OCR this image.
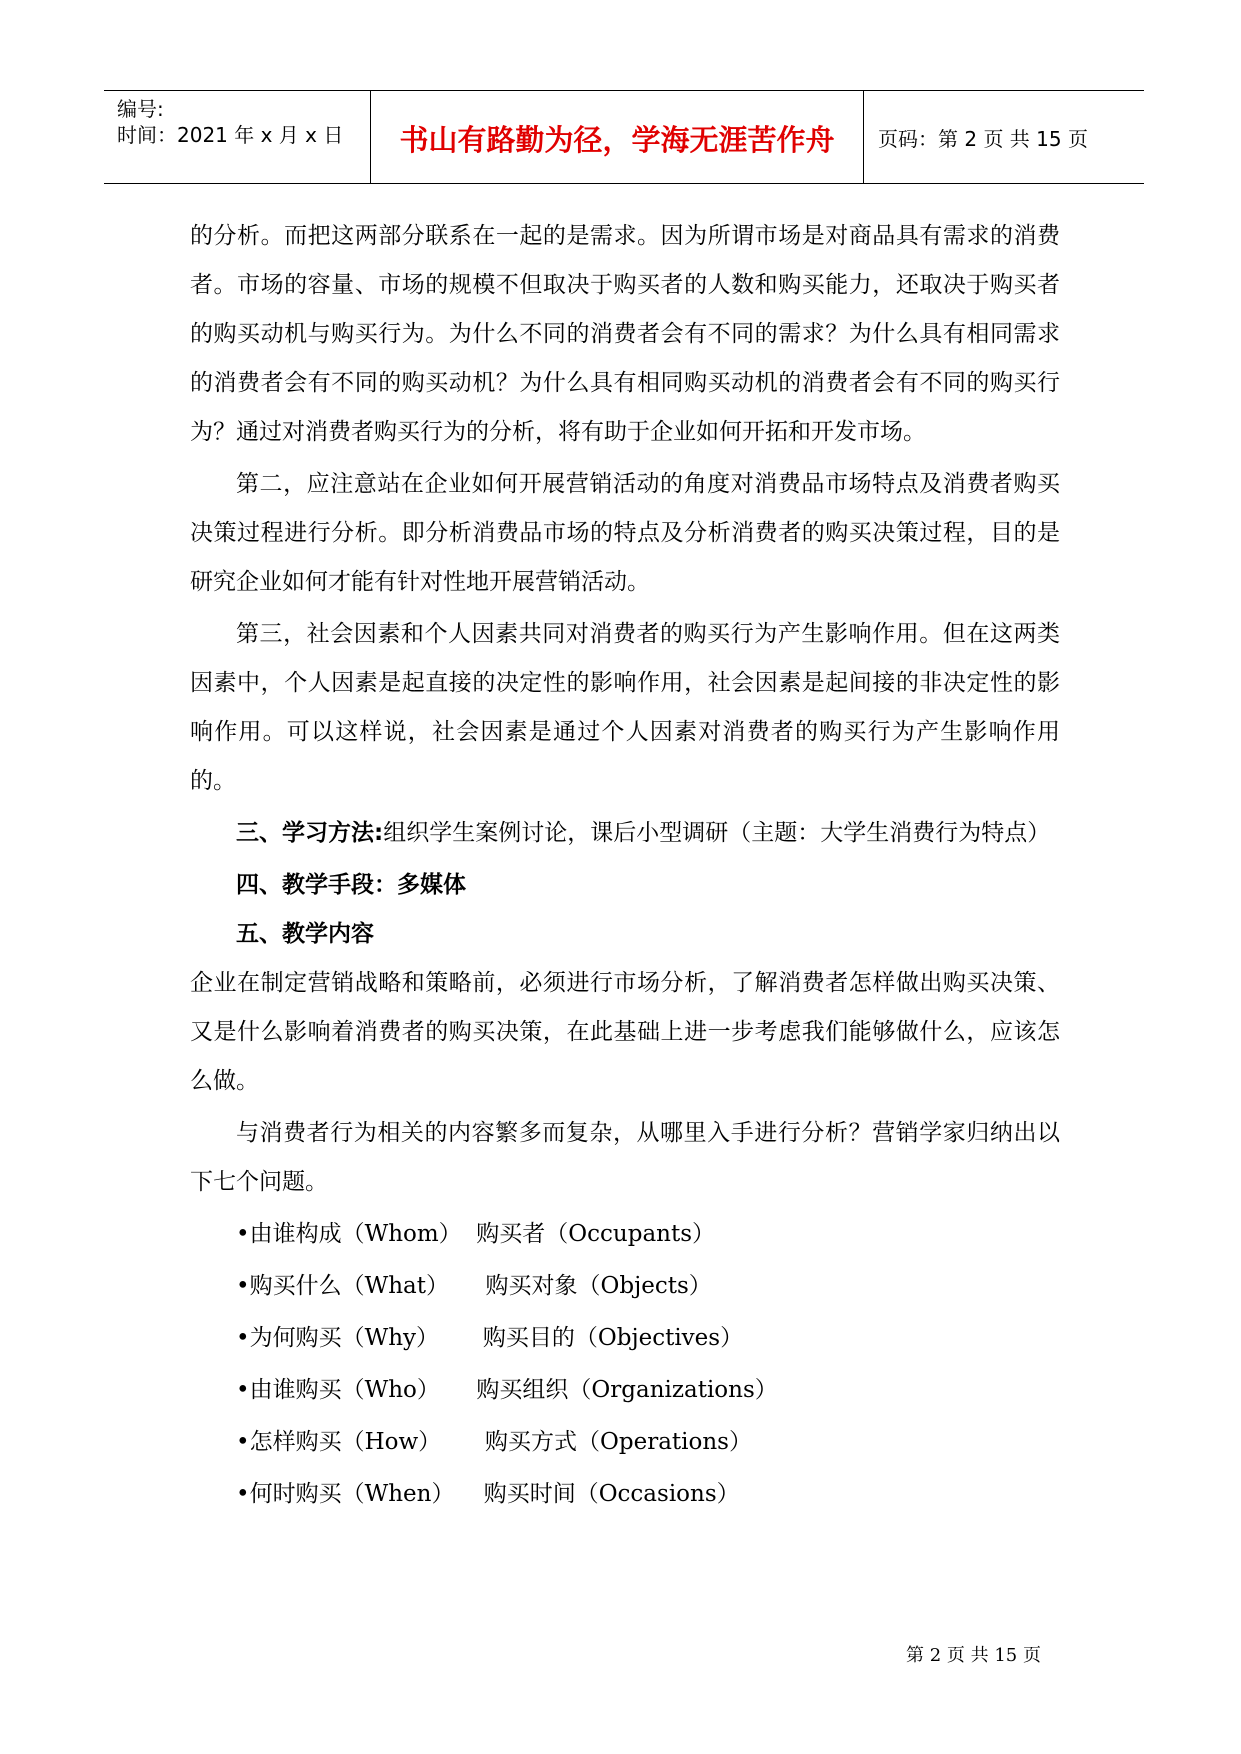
编号:
时间：2021 年 x 月 x 日	书山有路勤为径，学海无涯苦作舟	页码：第 2 页 共 15 页

的分析。而把这两部分联系在一起的是需求。因为所谓市场是对商品具有需求的消费者。市场的容量、市场的规模不但取决于购买者的人数和购买能力，还取决于购买者的购买动机与购买行为。为什么不同的消费者会有不同的需求？为什么具有相同需求的消费者会有不同的购买动机？为什么具有相同购买动机的消费者会有不同的购买行为？通过对消费者购买行为的分析，将有助于企业如何开拓和开发市场。

第二，应注意站在企业如何开展营销活动的角度对消费品市场特点及消费者购买决策过程进行分析。即分析消费品市场的特点及分析消费者的购买决策过程，目的是研究企业如何才能有针对性地开展营销活动。

第三，社会因素和个人因素共同对消费者的购买行为产生影响作用。但在这两类因素中，个人因素是起直接的决定性的影响作用，社会因素是起间接的非决定性的影响作用。可以这样说，社会因素是通过个人因素对消费者的购买行为产生影响作用的。

三、学习方法:组织学生案例讨论，课后小型调研（主题：大学生消费行为特点）

四、教学手段：多媒体

五、教学内容

企业在制定营销战略和策略前，必须进行市场分析，了解消费者怎样做出购买决策、又是什么影响着消费者的购买决策，在此基础上进一步考虑我们能够做什么，应该怎么做。

与消费者行为相关的内容繁多而复杂，从哪里入手进行分析？营销学家归纳出以下七个问题。

•由谁构成（Whom）  购买者（Occupants）

•购买什么（What）     购买对象（Objects）

•为何购买（Why）      购买目的（Objectives）

•由谁购买（Who）     购买组织（Organizations）

•怎样购买（How）      购买方式（Operations）

•何时购买（When）    购买时间（Occasions）

第 2 页 共 15 页
